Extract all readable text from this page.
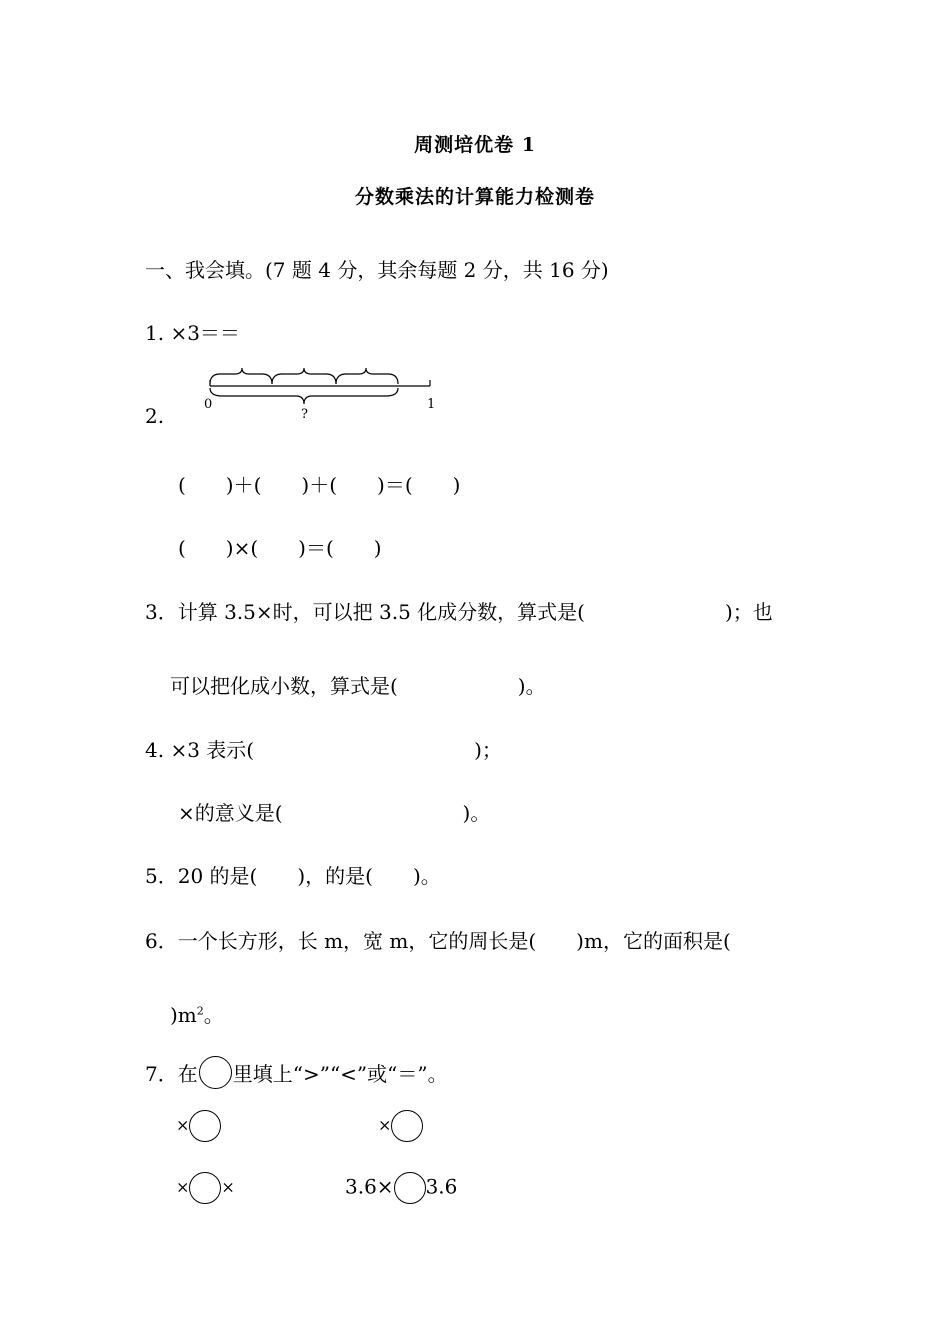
周测培优卷 1
分数乘法的计算能力检测卷
一、我会填。(7 题 4 分，其余每题 2 分，共 16 分)
1. ×3＝＝
2.	0	1
?
(　　)＋(　　)＋(　　)＝(　　)
(　　)×(　　)＝(　　)
3．计算 3.5×时，可以把 3.5 化成分数，算式是(　　　　　　　)；也
可以把化成小数，算式是(　　　　　　)。
4. ×3 表示(　　　　　　　　　　　)；
×的意义是(　　　　　　　　　)。
5．20 的是(　　)，的是(　　)。
6．一个长方形，长 m，宽 m，它的周长是(　　)m，它的面积是(
)$m^2$。
7．在 里填上“>”“<”或“＝”。
×	×
× ×	3.6× 3.6
